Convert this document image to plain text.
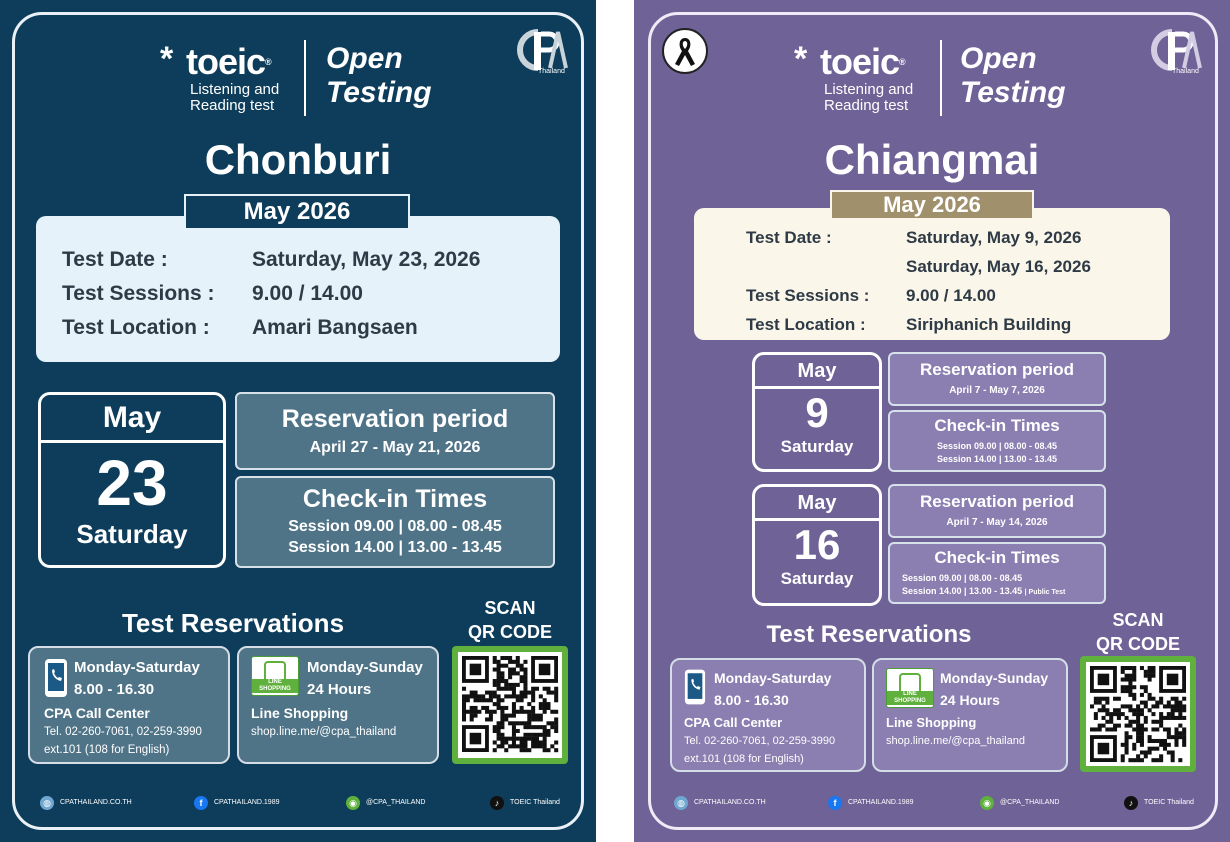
* toeic®
Listening and
Reading test
Open
Testing
Thailand
Chonburi
May 2026
Test Date :	Saturday, May 23, 2026
Test Sessions : 9.00 / 14.00
Test Location : Amari Bangsaen
May
23
Saturday
Reservation period
April 27 - May 21, 2026
Check-in Times
Session 09.00 | 08.00 - 08.45
Session 14.00 | 13.00 - 13.45
Test Reservations
Monday-Saturday
8.00 - 16.30
CPA Call Center
Tel. 02-260-7061, 02-259-3990
ext.101 (108 for English)
LINE SHOPPING
Monday-Sunday
24 Hours
Line Shopping
shop.line.me/@cpa_thailand
SCAN
QR CODE
◍	CPATHAILAND.CO.TH	f	CPATHAILAND.1989	◉	@CPA_THAILAND	♪	TOEIC Thailand
* toeic®
Listening and
Reading test
Open
Testing
Thailand
Chiangmai
May 2026
Test Date :	Saturday, May 9, 2026
Saturday, May 16, 2026
Test Sessions : 9.00 / 14.00
Test Location : Siriphanich Building
May
9
Saturday
Reservation period
April 7 - May 7, 2026
Check-in Times
Session 09.00 | 08.00 - 08.45
Session 14.00 | 13.00 - 13.45
May
16
Saturday
Reservation period
April 7 - May 14, 2026
Check-in Times
Session 09.00 | 08.00 - 08.45
Session 14.00 | 13.00 - 13.45 | Public Test
Test Reservations
Monday-Saturday
8.00 - 16.30
CPA Call Center
Tel. 02-260-7061, 02-259-3990
ext.101 (108 for English)
LINE SHOPPING
Monday-Sunday
24 Hours
Line Shopping
shop.line.me/@cpa_thailand
SCAN
QR CODE
◍	CPATHAILAND.CO.TH	f	CPATHAILAND.1989	◉	@CPA_THAILAND	♪	TOEIC Thailand
